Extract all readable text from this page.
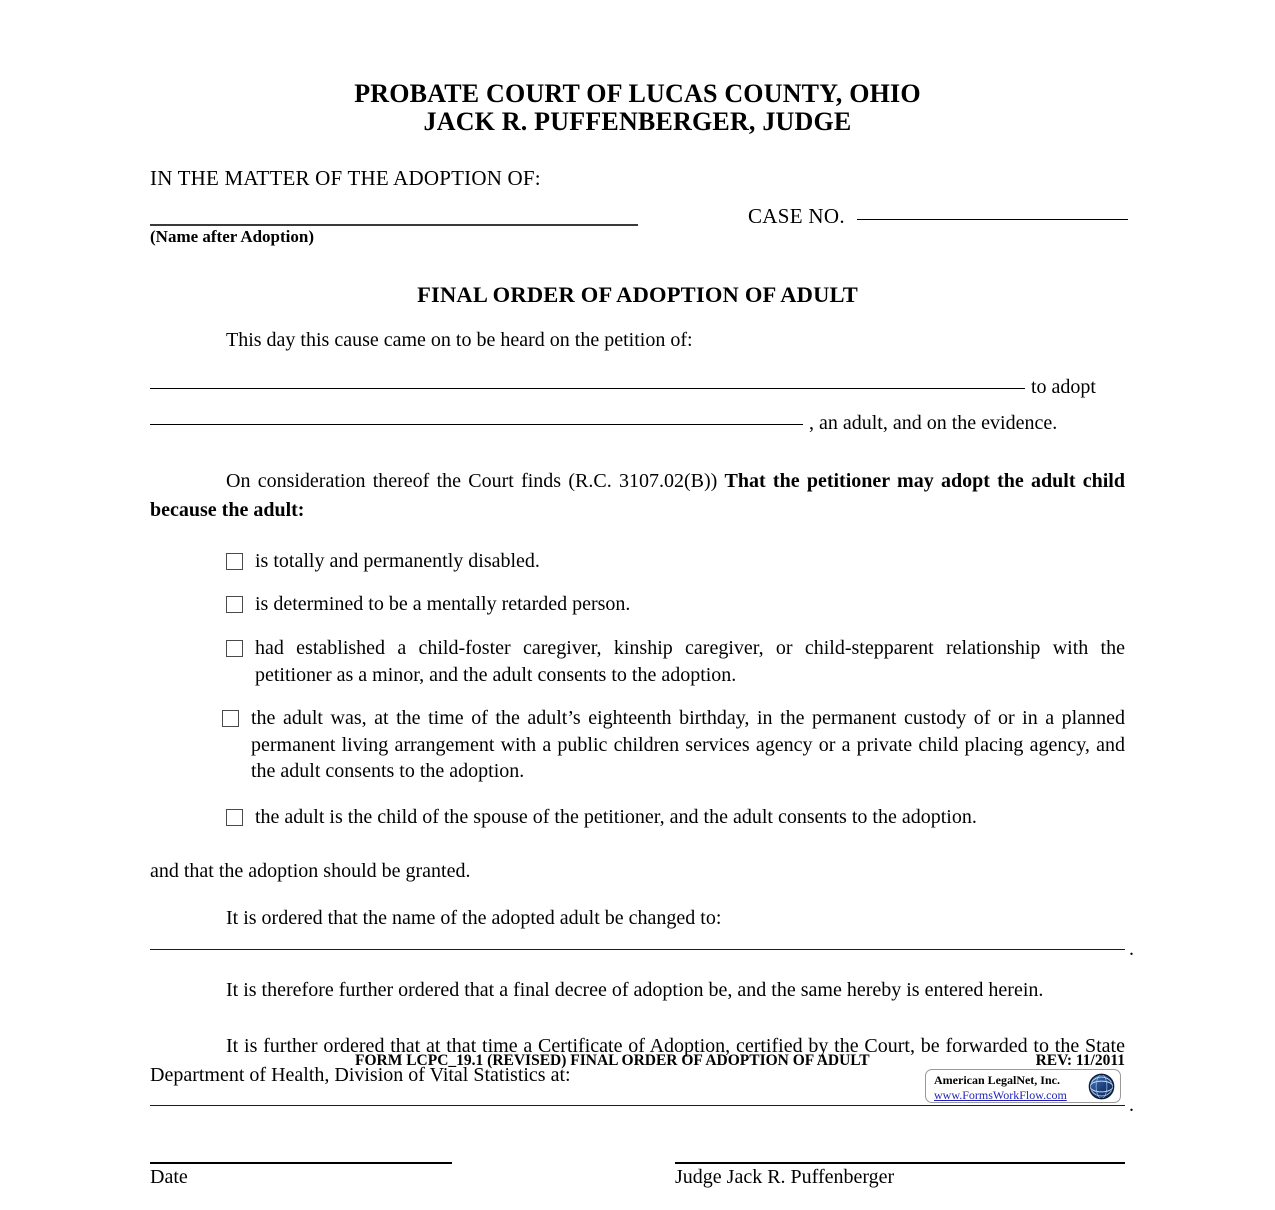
PROBATE COURT OF LUCAS COUNTY, OHIO
JACK R. PUFFENBERGER, JUDGE
IN THE MATTER OF THE ADOPTION OF:
(Name after Adoption)
CASE NO.
FINAL ORDER OF ADOPTION OF ADULT
This day this cause came on to be heard on the petition of:
to adopt
, an adult, and on the evidence.
On consideration thereof the Court finds (R.C. 3107.02(B)) That the petitioner may adopt the adult child because the adult:
is totally and permanently disabled.
is determined to be a mentally retarded person.
had established a child-foster caregiver, kinship caregiver, or child-stepparent relationship with the petitioner as a minor, and the adult consents to the adoption.
the adult was, at the time of the adult’s eighteenth birthday, in the permanent custody of or in a planned permanent living arrangement with a public children services agency or a private child placing agency, and the adult consents to the adoption.
the adult is the child of the spouse of the petitioner, and the adult consents to the adoption.
and that the adoption should be granted.
It is ordered that the name of the adopted adult be changed to:
.
It is therefore further ordered that a final decree of adoption be, and the same hereby is entered herein.
It is further ordered that at that time a Certificate of Adoption, certified by the Court, be forwarded to the State Department of Health, Division of Vital Statistics at:
.
Date	Judge Jack R. Puffenberger
FORM LCPC_19.1 (REVISED) FINAL ORDER OF ADOPTION OF ADULT	REV: 11/2011
American LegalNet, Inc.
www.FormsWorkFlow.com
